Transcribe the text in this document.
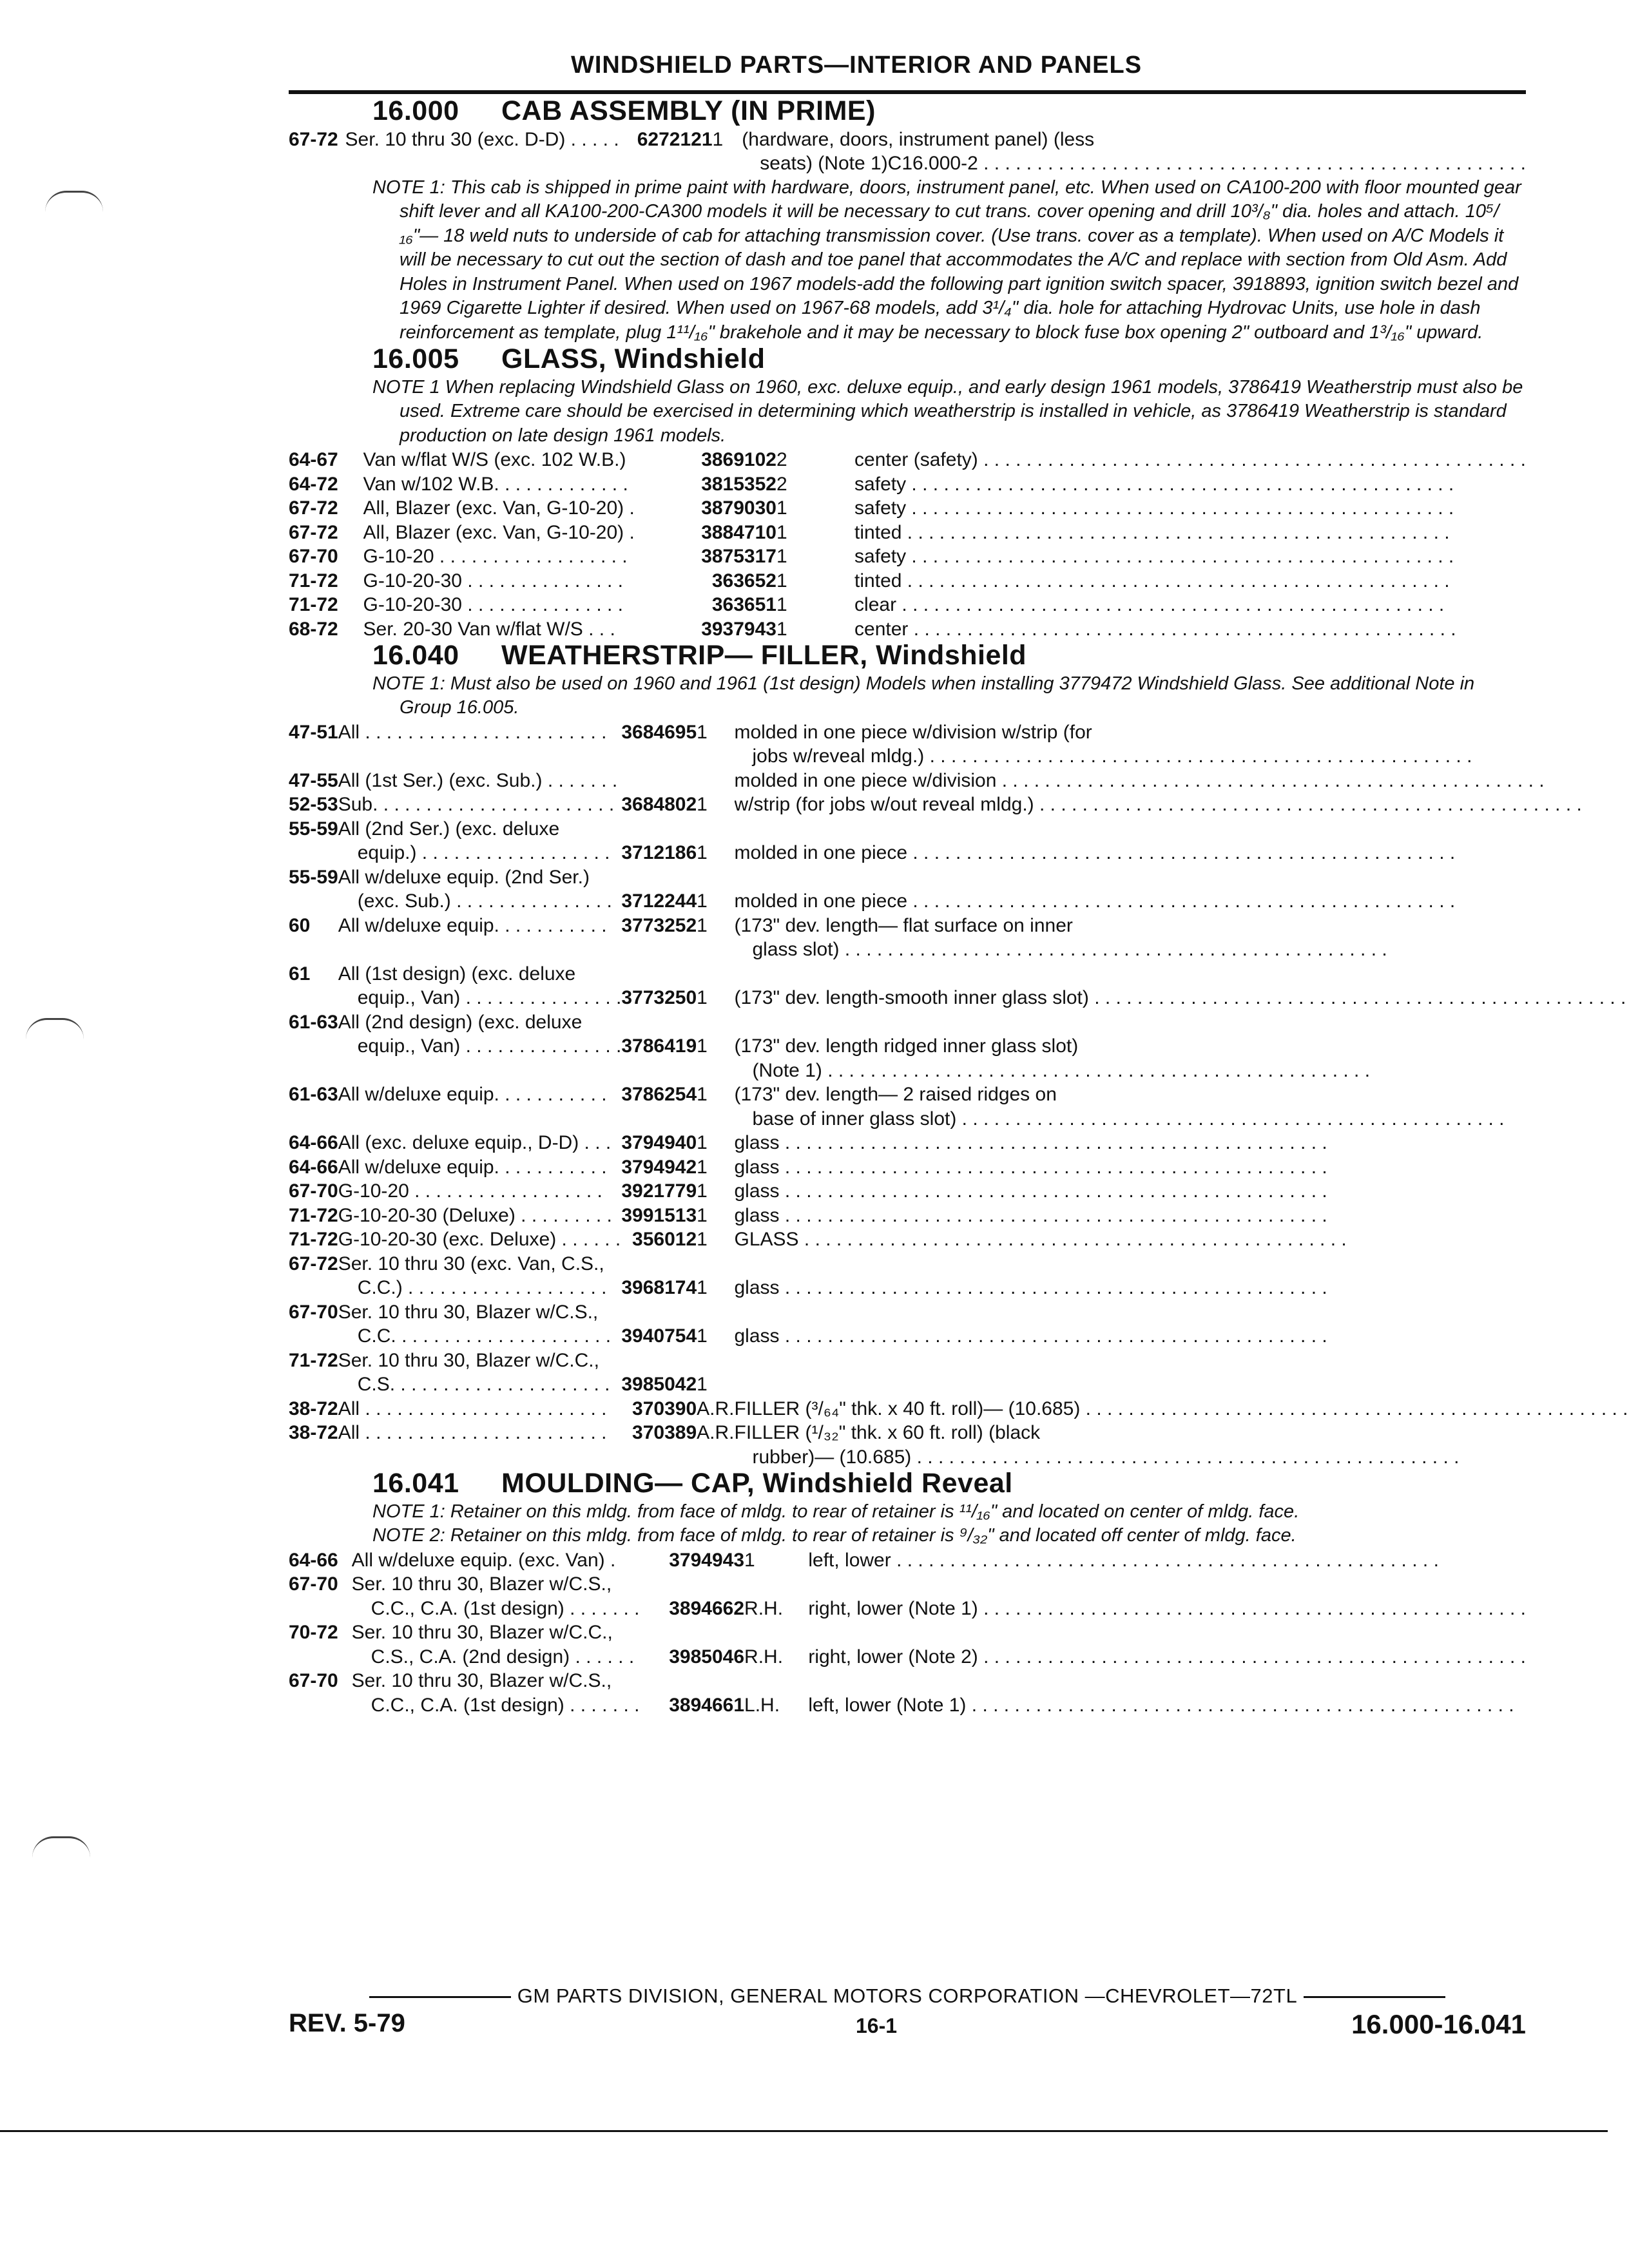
WINDSHIELD PARTS—INTERIOR AND PANELS
16.000 CAB ASSEMBLY (IN PRIME)
67-72	Ser. 10 thru 30 (exc. D-D) . . . . .	6272121	1		(hardware, doors, instrument panel) (less
seats) (Note 1)C16.000-2 . . .
NOTE 1: This cab is shipped in prime paint with hardware, doors, instrument panel, etc. When used on CA100-200 with floor mounted gear shift lever and all KA100-200-CA300 models it will be necessary to cut trans. cover opening and drill 10³/₈" dia. holes and attach. 10⁵/₁₆"— 18 weld nuts to underside of cab for attaching transmission cover. (Use trans. cover as a template). When used on A/C Models it will be necessary to cut out the section of dash and toe panel that accommodates the A/C and replace with section from Old Asm. Add Holes in Instrument Panel. When used on 1967 models-add the following part ignition switch spacer, 3918893, ignition switch bezel and 1969 Cigarette Lighter if desired. When used on 1967-68 models, add 3¹/₄" dia. hole for attaching Hydrovac Units, use hole in dash reinforcement as template, plug 1¹¹/₁₆" brakehole and it may be necessary to block fuse box opening 2" outboard and 1³/₁₆" upward.
16.005 GLASS, Windshield
NOTE 1 When replacing Windshield Glass on 1960, exc. deluxe equip., and early design 1961 models, 3786419 Weatherstrip must also be used. Extreme care should be exercised in determining which weatherstrip is installed in vehicle, as 3786419 Weatherstrip is standard production on late design 1961 models.
64-67	Van w/flat W/S (exc. 102 W.B.)	3869102	2		center (safety) . . .

64-72	Van w/102 W.B. . . . . . . . . . . . .	3815352	2		safety . . .

67-72	All, Blazer (exc. Van, G-10-20) .	3879030	1		safety . . .

67-72	All, Blazer (exc. Van, G-10-20) .	3884710	1		tinted . . .

67-70	G-10-20 . . . . . . . . . . . . . . . . . .	3875317	1		safety . . .

71-72	G-10-20-30 . . . . . . . . . . . . . . .	363652	1		tinted . . .

71-72	G-10-20-30 . . . . . . . . . . . . . . .	363651	1		clear . . .

68-72	Ser. 20-30 Van w/flat W/S . . .	3937943	1		center . . .
16.040 WEATHERSTRIP— FILLER, Windshield
NOTE 1: Must also be used on 1960 and 1961 (1st design) Models when installing 3779472 Windshield Glass. See additional Note in Group 16.005.
47-51	All . . . . . . . . . . . . . . . . . . . . . . .	3684695	1		molded in one piece w/division w/strip (for
jobs w/reveal mldg.) . . .

47-55	All (1st Ser.) (exc. Sub.) . . . . . . .				molded in one piece w/division . . .

52-53	Sub. . . . . . . . . . . . . . . . . . . . . . .	3684802	1		w/strip (for jobs w/out reveal mldg.) . . .

55-59	All (2nd Ser.) (exc. deluxe
equip.) . . . . . . . . . . . . . . . . . .	3712186	1		molded in one piece . . .

55-59	All w/deluxe equip. (2nd Ser.)
(exc. Sub.) . . . . . . . . . . . . . . .	3712244	1		molded in one piece . . .

60	All w/deluxe equip. . . . . . . . . . .	3773252	1		(173" dev. length— flat surface on inner
glass slot) . . .

61	All (1st design) (exc. deluxe
equip., Van) . . . . . . . . . . . . . . .	3773250	1		(173" dev. length-smooth inner glass slot) . . .

61-63	All (2nd design) (exc. deluxe
equip., Van) . . . . . . . . . . . . . . .	3786419	1		(173" dev. length ridged inner glass slot)
(Note 1) . . .

61-63	All w/deluxe equip. . . . . . . . . . .	3786254	1		(173" dev. length— 2 raised ridges on
base of inner glass slot) . . .

64-66	All (exc. deluxe equip., D-D) . . .	3794940	1		glass . . .

64-66	All w/deluxe equip. . . . . . . . . . .	3794942	1		glass . . .

67-70	G-10-20 . . . . . . . . . . . . . . . . . .	3921779	1		glass . . .

71-72	G-10-20-30 (Deluxe) . . . . . . . . .	3991513	1		glass . . .

71-72	G-10-20-30 (exc. Deluxe) . . . . . .	356012	1		GLASS . . .

67-72	Ser. 10 thru 30 (exc. Van, C.S.,
C.C.) . . . . . . . . . . . . . . . . . . .	3968174	1		glass . . .

67-70	Ser. 10 thru 30, Blazer w/C.S.,
C.C. . . . . . . . . . . . . . . . . . . . .	3940754	1		glass . . .

71-72	Ser. 10 thru 30, Blazer w/C.C.,
C.S. . . . . . . . . . . . . . . . . . . . .	3985042	1		

38-72	All . . . . . . . . . . . . . . . . . . . . . . .	370390	A.R.		FILLER (³/₆₄" thk. x 40 ft. roll)— (10.685) . . .

38-72	All . . . . . . . . . . . . . . . . . . . . . . .	370389	A.R.		FILLER (¹/₃₂" thk. x 60 ft. roll) (black
rubber)— (10.685) . . .
16.041 MOULDING— CAP, Windshield Reveal
NOTE 1: Retainer on this mldg. from face of mldg. to rear of retainer is ¹¹/₁₆" and located on center of mldg. face.
NOTE 2: Retainer on this mldg. from face of mldg. to rear of retainer is ⁹/₃₂" and located off center of mldg. face.
64-66	All w/deluxe equip. (exc. Van) .	3794943	1		left, lower . . .

67-70	Ser. 10 thru 30, Blazer w/C.S.,
C.C., C.A. (1st design) . . . . . . .	3894662	R.H.		right, lower (Note 1) . . .

70-72	Ser. 10 thru 30, Blazer w/C.C.,
C.S., C.A. (2nd design) . . . . . .	3985046	R.H.		right, lower (Note 2) . . .

67-70	Ser. 10 thru 30, Blazer w/C.S.,
C.C., C.A. (1st design) . . . . . . .	3894661	L.H.		left, lower (Note 1) . . .
GM PARTS DIVISION, GENERAL MOTORS CORPORATION —CHEVROLET—72TL
REV. 5-79	16-1	16.000-16.041
